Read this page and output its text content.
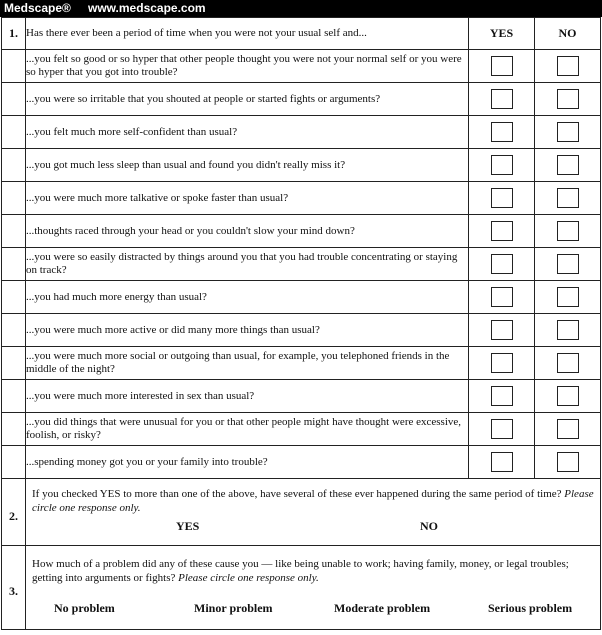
Medscape® www.medscape.com
1.	Has there ever been a period of time when you were not your usual self and...	YES	NO
	...you felt so good or so hyper that other people thought you were not your normal self or you were so hyper that you got into trouble?		
	...you were so irritable that you shouted at people or started fights or arguments?		
	...you felt much more self-confident than usual?		
	...you got much less sleep than usual and found you didn't really miss it?		
	...you were much more talkative or spoke faster than usual?		
	...thoughts raced through your head or you couldn't slow your mind down?		
	...you were so easily distracted by things around you that you had trouble concentrating or staying on track?		
	...you had much more energy than usual?		
	...you were much more active or did many more things than usual?		
	...you were much more social or outgoing than usual, for example, you telephoned friends in the middle of the night?		
	...you were much more interested in sex than usual?		
	...you did things that were unusual for you or that other people might have thought were excessive, foolish, or risky?		
	...spending money got you or your family into trouble?		
2.	If you checked YES to more than one of the above, have several of these ever happened during the same period of time? Please circle one response only.
YES NO		

3.	How much of a problem did any of these cause you — like being unable to work; having family, money, or legal troubles; getting into arguments or fights? Please circle one response only.
No problem Minor problem Moderate problem Serious problem		
